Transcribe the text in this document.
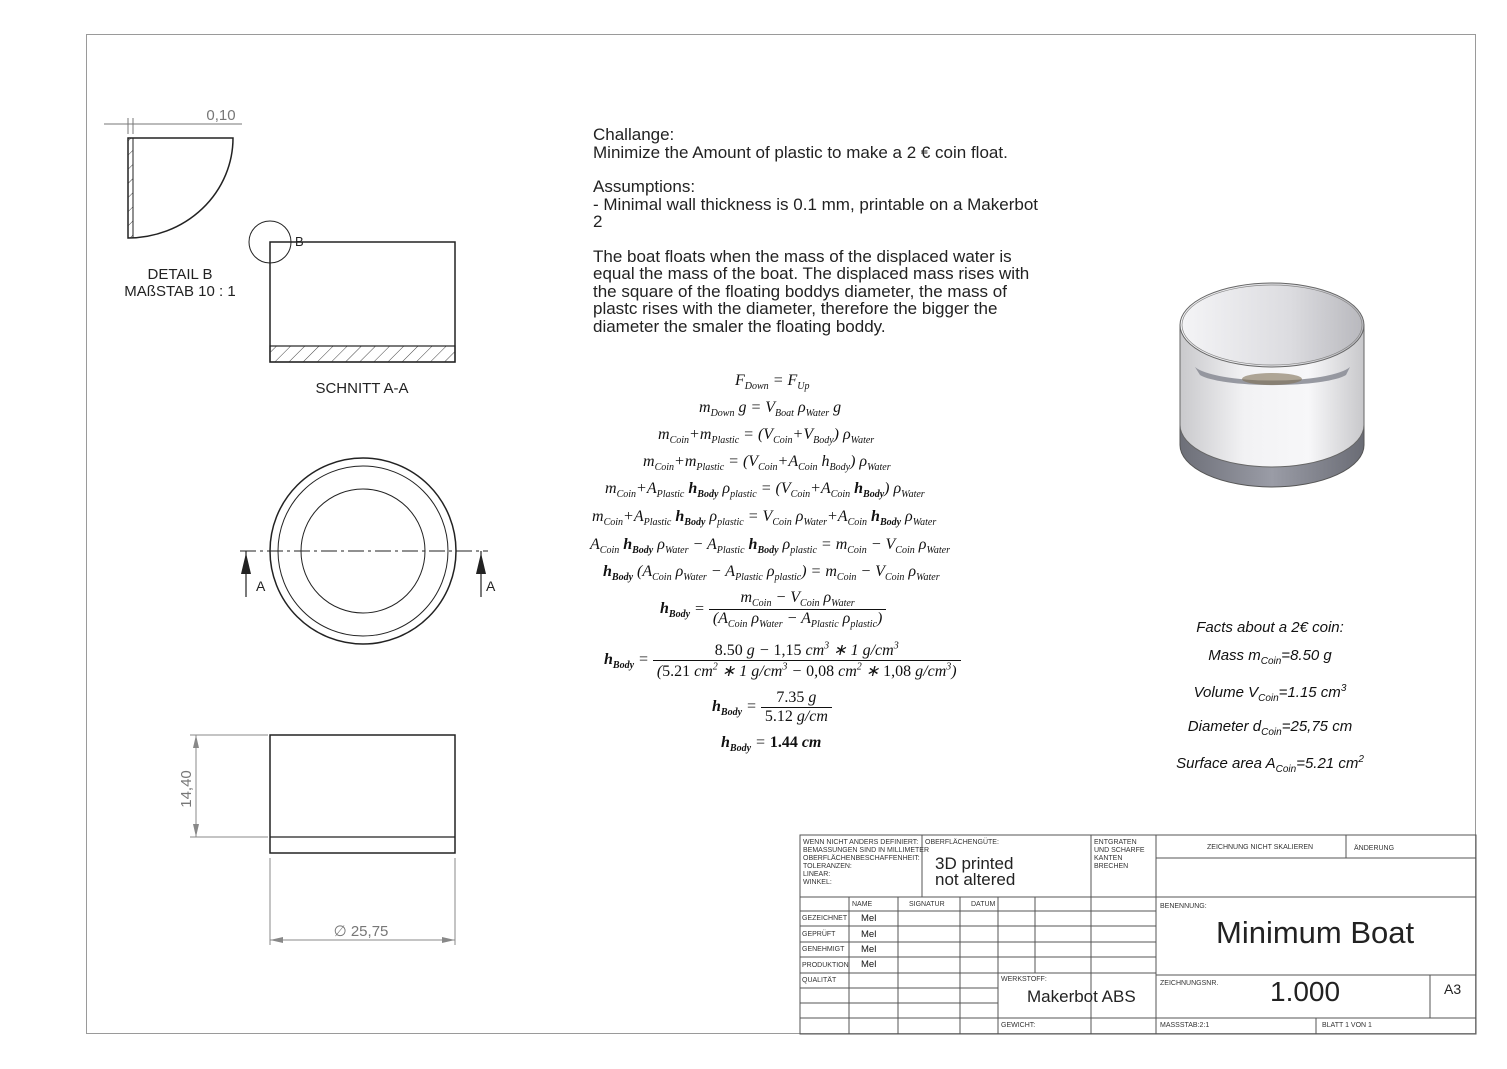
0,10
DETAIL B
MAßSTAB 10 : 1
B
SCHNITT A-A
A	A
14,40
∅ 25,75

Challange:
Minimize the Amount of plastic to make a 2 € coin float.

Assumptions:
- Minimal wall thickness is 0.1 mm, printable on a Makerbot
2

The boat floats when the mass of the displaced water is
equal the mass of the boat. The displaced mass rises with
the square of the floating boddys diameter, the mass of
plastc rises with the diameter, therefore the bigger the
diameter the smaler the floating boddy.

$F_{Down} = F_{Up}$
$m_{Down}$ $g = V_{Boat}$ $\rho_{Water}$ g
$m_{Coin}+m_{Plastic} = (V_{Coin}+V_{Body})$ $\rho_{Water}$
$m_{Coin}+m_{Plastic} = (V_{Coin}+A_{Coin}$ $h_{Body}$) $\rho_{Water}$
$m_{Coin}+A_{Plastic}$ $h_{Body}$ $\rho_{plastic} = (V_{Coin}+A_{Coin}$ $h_{Body}$) $\rho_{Water}$
$m_{Coin}+A_{Plastic}$ $h_{Body}$ $\rho_{plastic} = V_{Coin}$ $\rho_{Water}+A_{Coin}$ $h_{Body}$ $\rho_{Water}$
$A_{Coin}$ $h_{Body}$ $\rho_{Water} - A_{Plastic}$ $h_{Body}$ $\rho_{plastic} = m_{Coin} - V_{Coin}$ $\rho_{Water}$
$h_{Body}$ ($A_{Coin}$ $\rho_{Water} - A_{Plastic}$ $\rho_{plastic}) = m_{Coin} - V_{Coin}$ $\rho_{Water}$
$h_{Body} = \frac{m_{Coin} - V_{Coin} \rho_{Water}}{(A_{Coin} \rho_{Water} - A_{Plastic} \rho_{plastic})}$
$h_{Body} = \frac{8.50 g - 1,15 cm^3 ∗ 1 g/cm^3}{(5.21 cm^2 ∗ 1 g/cm^3 - 0,08 cm^2 ∗ 1,08 g/cm^3)}$
$h_{Body} = \frac{7.35 g}{5.12 g/cm}$
$h_{Body} = 1.44$ cm
Facts about a 2€ coin:
Mass $m_{Coin}=8.50$ g
Volume $V_{Coin}=1.15$ $cm^3$
Diameter $d_{Coin}=25,75$ cm
Surface area $A_{Coin}=5.21$ $cm^2$
WENN NICHT ANDERS DEFINIERT:
BEMASSUNGEN SIND IN MILLIMETER
OBERFLÄCHENBESCHAFFENHEIT:
TOLERANZEN:
LINEAR:
WINKEL:
OBERFLÄCHENGÜTE:
3D printed
not altered
ENTGRATEN
UND SCHARFE
KANTEN
BRECHEN
ZEICHNUNG NICHT SKALIEREN	ÄNDERUNG
NAME	SIGNATUR	DATUM
GEZEICHNET Mel
GEPRÜFT	Mel
GENEHMIGT Mel
PRODUKTION Mel
QUALITÄT
BENENNUNG:
Minimum Boat
WERKSTOFF:
Makerbot ABS
ZEICHNUNGSNR. 1.000	A3
GEWICHT:	MASSSTAB:2:1	BLATT 1 VON 1
